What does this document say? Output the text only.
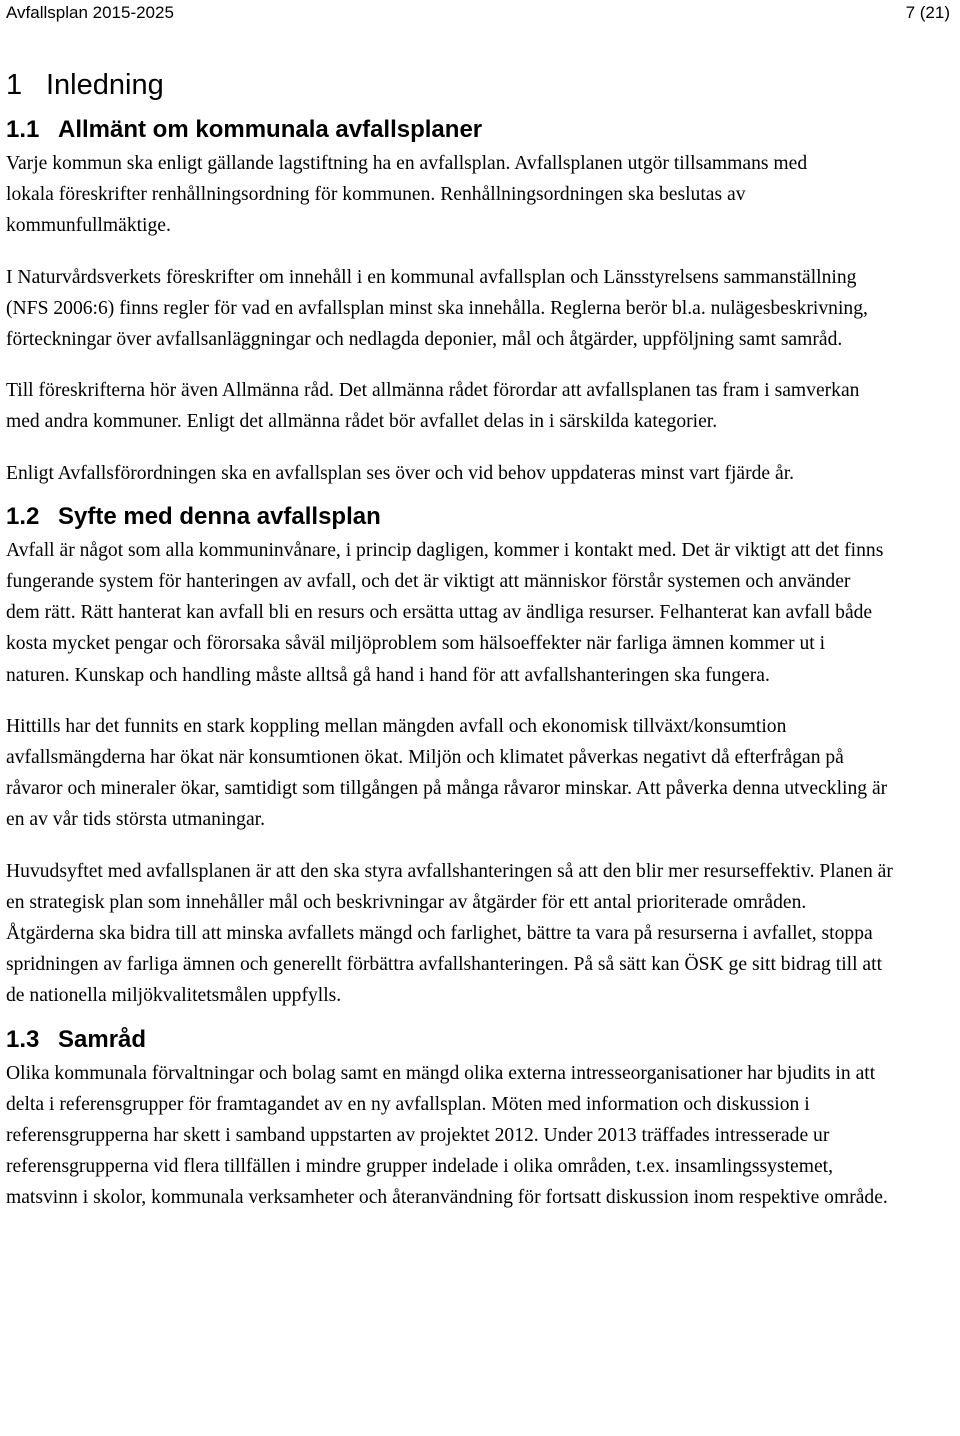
Avfallsplan 2015-2025	7 (21)
1 Inledning
1.1 Allmänt om kommunala avfallsplaner

Varje kommun ska enligt gällande lagstiftning ha en avfallsplan. Avfallsplanen utgör tillsammans med lokala föreskrifter renhållningsordning för kommunen. Renhållningsordningen ska beslutas av kommunfullmäktige.

I Naturvårdsverkets föreskrifter om innehåll i en kommunal avfallsplan och Länsstyrelsens sammanställning (NFS 2006:6) finns regler för vad en avfallsplan minst ska innehålla. Reglerna berör bl.a. nulägesbeskrivning, förteckningar över avfallsanläggningar och nedlagda deponier, mål och åtgärder, uppföljning samt samråd.

Till föreskrifterna hör även Allmänna råd. Det allmänna rådet förordar att avfallsplanen tas fram i samverkan med andra kommuner. Enligt det allmänna rådet bör avfallet delas in i särskilda kategorier.

Enligt Avfallsförordningen ska en avfallsplan ses över och vid behov uppdateras minst vart fjärde år.

1.2 Syfte med denna avfallsplan

Avfall är något som alla kommuninvånare, i princip dagligen, kommer i kontakt med. Det är viktigt att det finns fungerande system för hanteringen av avfall, och det är viktigt att människor förstår systemen och använder dem rätt. Rätt hanterat kan avfall bli en resurs och ersätta uttag av ändliga resurser. Felhanterat kan avfall både kosta mycket pengar och förorsaka såväl miljöproblem som hälsoeffekter när farliga ämnen kommer ut i naturen. Kunskap och handling måste alltså gå hand i hand för att avfallshanteringen ska fungera.

Hittills har det funnits en stark koppling mellan mängden avfall och ekonomisk tillväxt/konsumtion avfallsmängderna har ökat när konsumtionen ökat. Miljön och klimatet påverkas negativt då efterfrågan på råvaror och mineraler ökar, samtidigt som tillgången på många råvaror minskar. Att påverka denna utveckling är en av vår tids största utmaningar.

Huvudsyftet med avfallsplanen är att den ska styra avfallshanteringen så att den blir mer resurseffektiv. Planen är en strategisk plan som innehåller mål och beskrivningar av åtgärder för ett antal prioriterade områden. Åtgärderna ska bidra till att minska avfallets mängd och farlighet, bättre ta vara på resurserna i avfallet, stoppa spridningen av farliga ämnen och generellt förbättra avfallshanteringen. På så sätt kan ÖSK ge sitt bidrag till att de nationella miljökvalitetsmålen uppfylls.

1.3 Samråd

Olika kommunala förvaltningar och bolag samt en mängd olika externa intresseorganisationer har bjudits in att delta i referensgrupper för framtagandet av en ny avfallsplan. Möten med information och diskussion i referensgrupperna har skett i samband uppstarten av projektet 2012. Under 2013 träffades intresserade ur referensgrupperna vid flera tillfällen i mindre grupper indelade i olika områden, t.ex. insamlingssystemet, matsvinn i skolor, kommunala verksamheter och återanvändning för fortsatt diskussion inom respektive område.
